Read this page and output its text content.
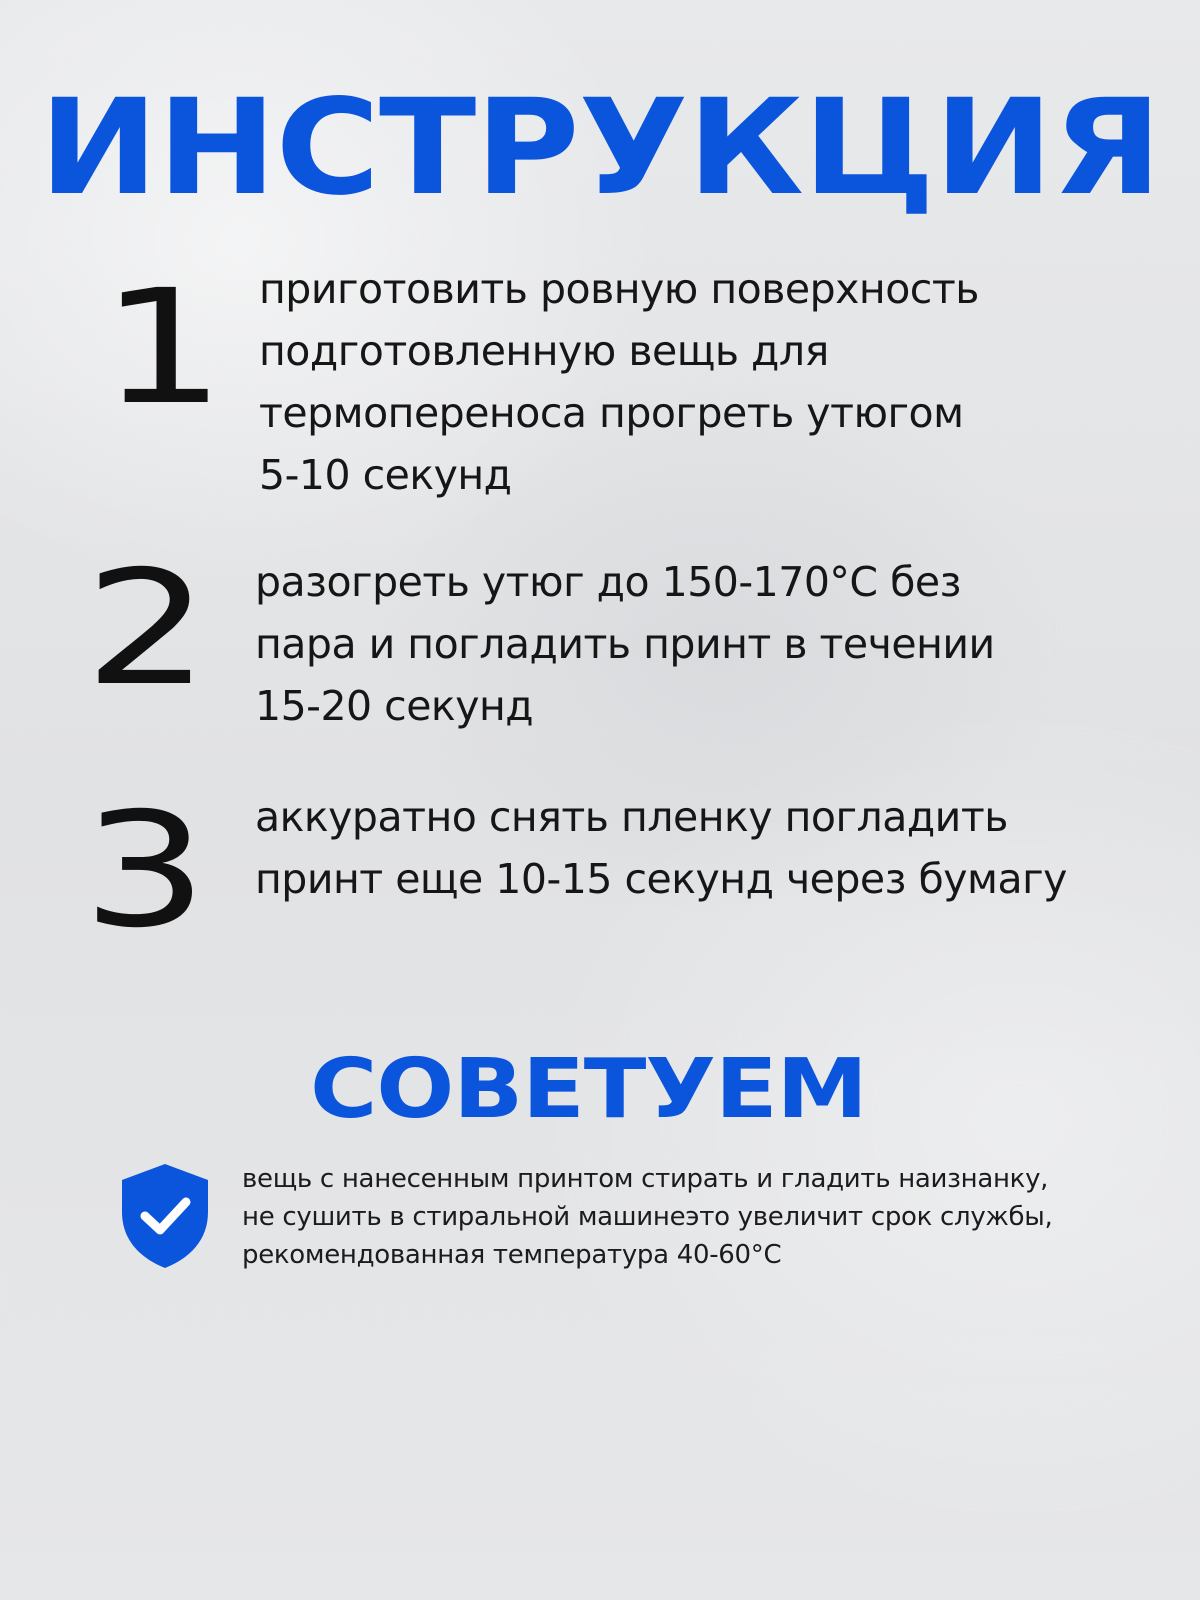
ИНСТРУКЦИЯ
1 приготовить ровную поверхность
подготовленную вещь для
термопереноса прогреть утюгом
5-10 секунд
2	разогреть утюг до 150-170°С без
пара и погладить принт в течении
15-20 секунд
3	аккуратно снять пленку погладить
принт еще 10-15 секунд через бумагу
СОВЕТУЕМ
вещь с нанесенным принтом стирать и гладить наизнанку,
не сушить в стиральной машинеэто увеличит срок службы,
рекомендованная температура 40-60°С
